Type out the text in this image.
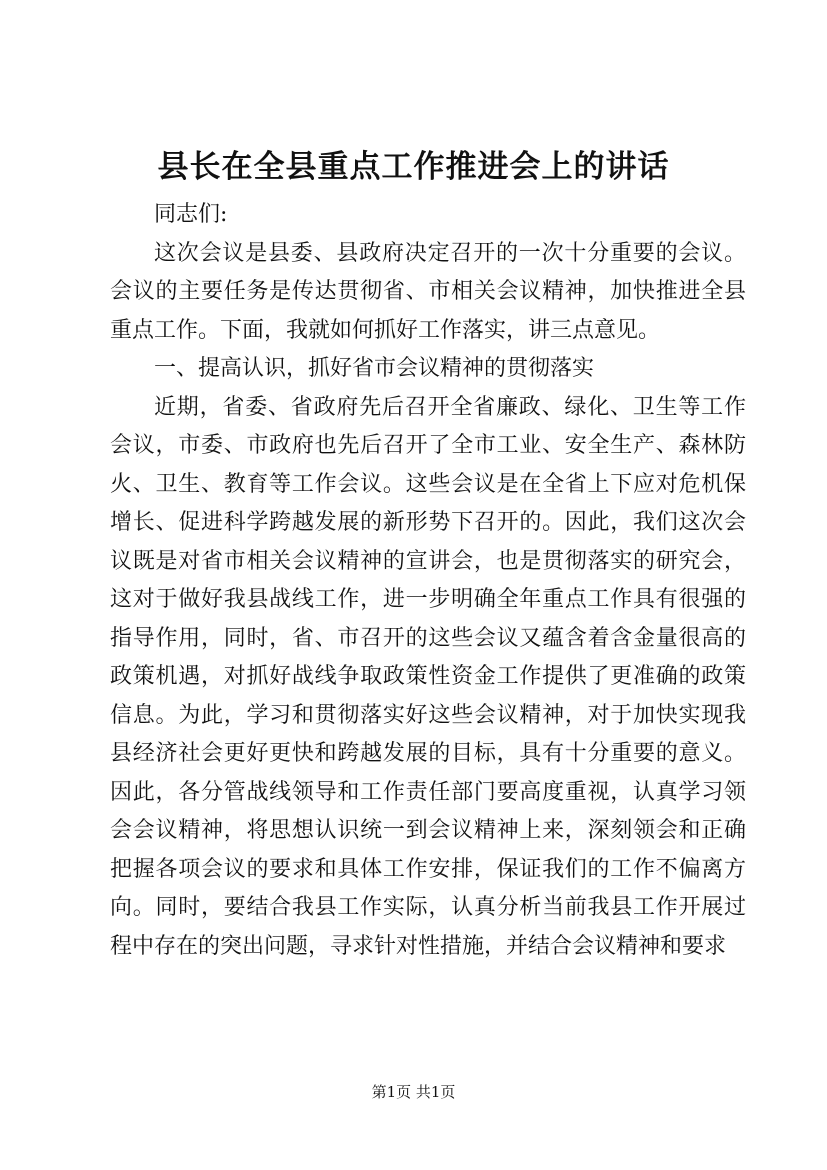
县长在全县重点工作推进会上的讲话

同志们:

这次会议是县委、县政府决定召开的一次十分重要的会议。会议的主要任务是传达贯彻省、市相关会议精神，加快推进全县重点工作。下面，我就如何抓好工作落实，讲三点意见。

一、提高认识，抓好省市会议精神的贯彻落实

近期，省委、省政府先后召开全省廉政、绿化、卫生等工作会议，市委、市政府也先后召开了全市工业、安全生产、森林防火、卫生、教育等工作会议。这些会议是在全省上下应对危机保增长、促进科学跨越发展的新形势下召开的。因此，我们这次会议既是对省市相关会议精神的宣讲会，也是贯彻落实的研究会，这对于做好我县战线工作，进一步明确全年重点工作具有很强的指导作用，同时，省、市召开的这些会议又蕴含着含金量很高的政策机遇，对抓好战线争取政策性资金工作提供了更准确的政策信息。为此，学习和贯彻落实好这些会议精神，对于加快实现我县经济社会更好更快和跨越发展的目标，具有十分重要的意义。因此，各分管战线领导和工作责任部门要高度重视，认真学习领会会议精神，将思想认识统一到会议精神上来，深刻领会和正确把握各项会议的要求和具体工作安排，保证我们的工作不偏离方向。同时，要结合我县工作实际，认真分析当前我县工作开展过程中存在的突出问题，寻求针对性措施，并结合会议精神和要求

第1页 共1页
